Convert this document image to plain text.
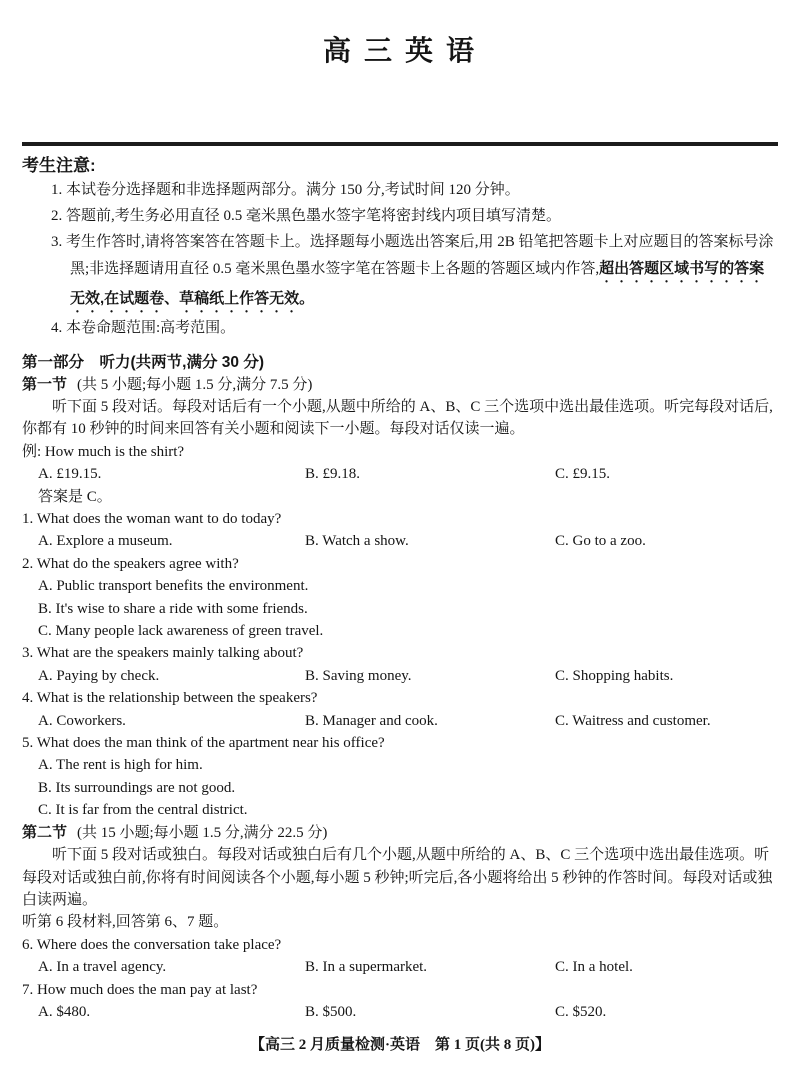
高 三 英 语
考生注意:
1. 本试卷分选择题和非选择题两部分。满分 150 分,考试时间 120 分钟。
2. 答题前,考生务必用直径 0.5 毫米黑色墨水签字笔将密封线内项目填写清楚。
3. 考生作答时,请将答案答在答题卡上。选择题每小题选出答案后,用 2B 铅笔把答题卡上对应题目的答案标号涂黑;非选择题请用直径 0.5 毫米黑色墨水签字笔在答题卡上各题的答题区域内作答,超出答题区域书写的答案无效,在试题卷、草稿纸上作答无效。
4. 本卷命题范围:高考范围。
第一部分　听力(共两节,满分 30 分)
第一节 (共 5 小题;每小题 1.5 分,满分 7.5 分)
听下面 5 段对话。每段对话后有一个小题,从题中所给的 A、B、C 三个选项中选出最佳选项。听完每段对话后,你都有 10 秒钟的时间来回答有关小题和阅读下一小题。每段对话仅读一遍。
例: How much is the shirt?
A. £19.15.	B. £9.18.	C. £9.15.
答案是 C。
1. What does the woman want to do today?
A. Explore a museum.	B. Watch a show.	C. Go to a zoo.
2. What do the speakers agree with?
A. Public transport benefits the environment.
B. It's wise to share a ride with some friends.
C. Many people lack awareness of green travel.
3. What are the speakers mainly talking about?
A. Paying by check.	B. Saving money.	C. Shopping habits.
4. What is the relationship between the speakers?
A. Coworkers.	B. Manager and cook.	C. Waitress and customer.
5. What does the man think of the apartment near his office?
A. The rent is high for him.
B. Its surroundings are not good.
C. It is far from the central district.
第二节 (共 15 小题;每小题 1.5 分,满分 22.5 分)
听下面 5 段对话或独白。每段对话或独白后有几个小题,从题中所给的 A、B、C 三个选项中选出最佳选项。听每段对话或独白前,你将有时间阅读各个小题,每小题 5 秒钟;听完后,各小题将给出 5 秒钟的作答时间。每段对话或独白读两遍。
听第 6 段材料,回答第 6、7 题。
6. Where does the conversation take place?
A. In a travel agency.	B. In a supermarket.	C. In a hotel.
7. How much does the man pay at last?
A. $480.	B. $500.	C. $520.
【高三 2 月质量检测·英语　第 1 页(共 8 页)】
